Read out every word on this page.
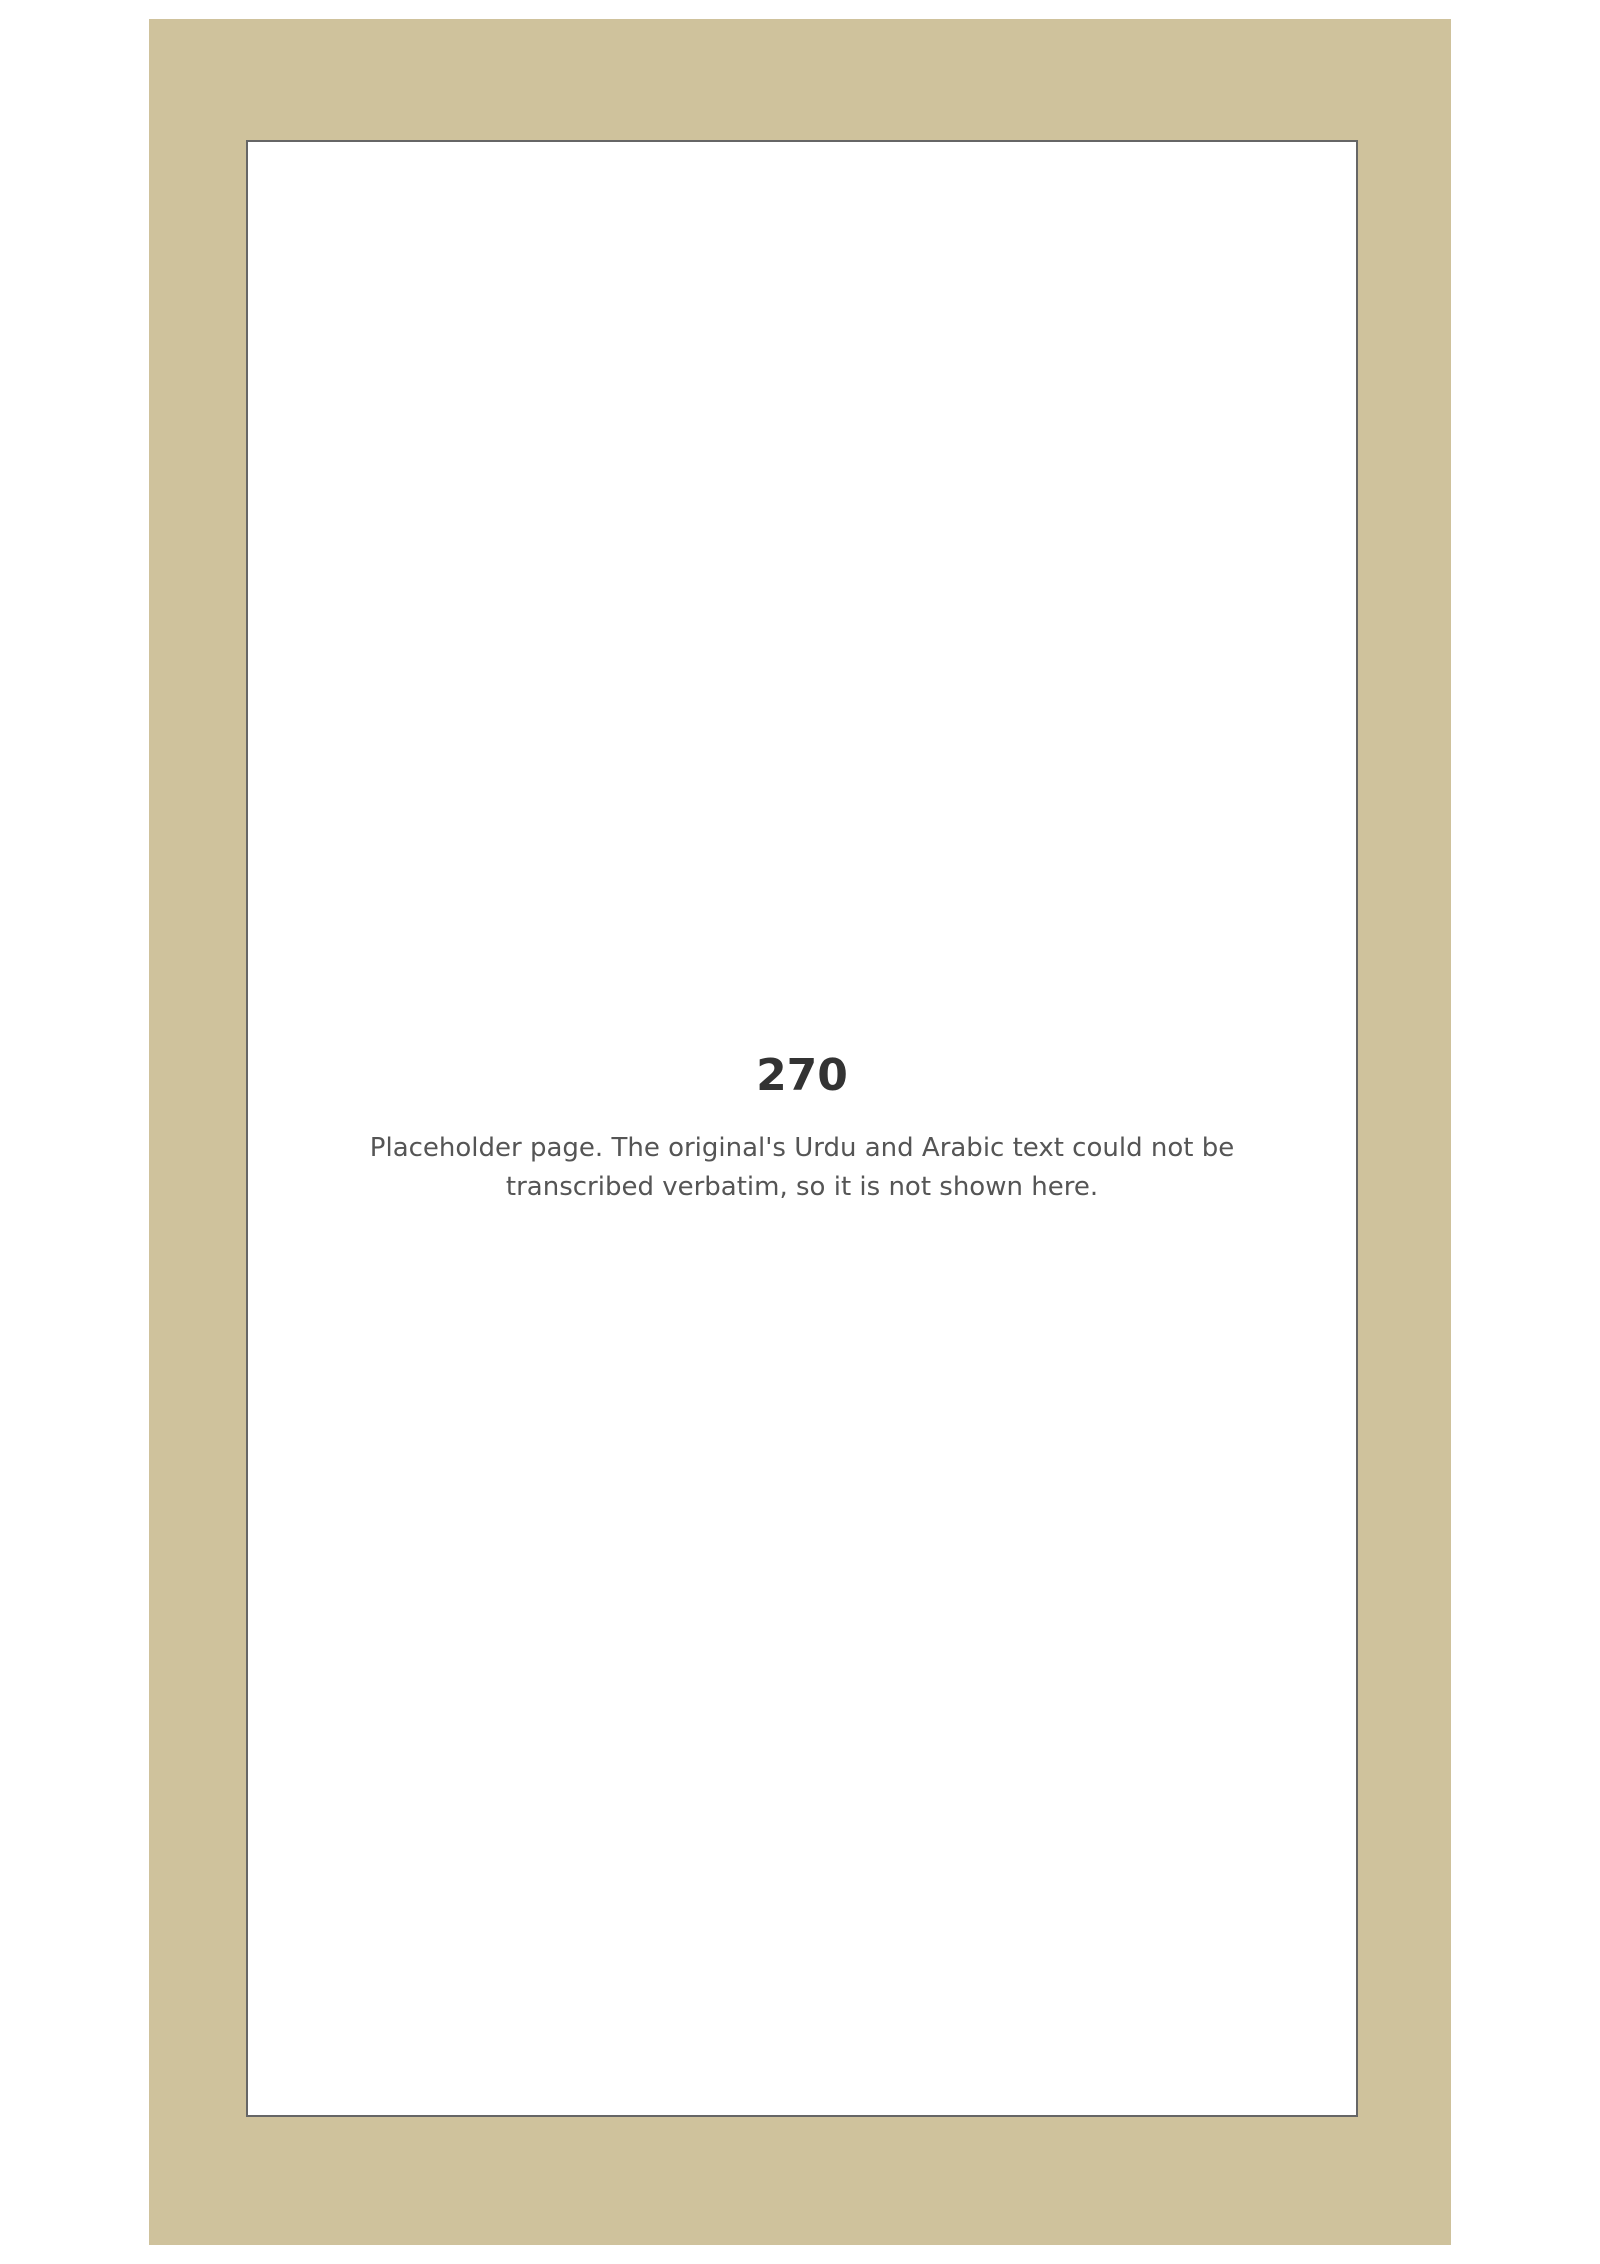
270
Placeholder page. The original's Urdu and Arabic text could not be transcribed verbatim, so it is not shown here.
